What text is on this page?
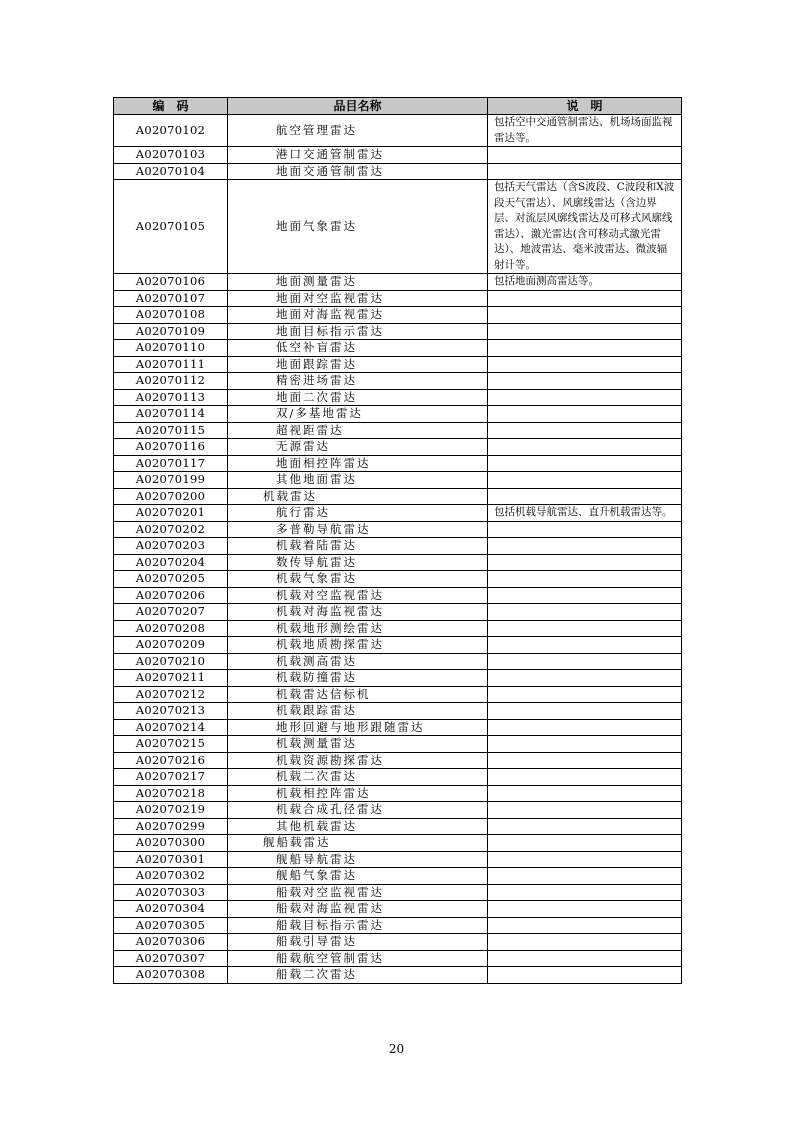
编　码	品目名称	说　明
A02070102	航空管理雷达	包括空中交通管制雷达、机场场面监视雷达等。
A02070103	港口交通管制雷达	
A02070104	地面交通管制雷达	
A02070105	地面气象雷达	包括天气雷达（含S波段、C波段和X波段天气雷达）、风廓线雷达（含边界层、对流层风廓线雷达及可移式风廓线雷达）、激光雷达(含可移动式激光雷达）、地波雷达、毫米波雷达、微波辐射计等。
A02070106	地面测量雷达	包括地面测高雷达等。
A02070107	地面对空监视雷达	
A02070108	地面对海监视雷达	
A02070109	地面目标指示雷达	
A02070110	低空补盲雷达	
A02070111	地面跟踪雷达	
A02070112	精密进场雷达	
A02070113	地面二次雷达	
A02070114	双/多基地雷达	
A02070115	超视距雷达	
A02070116	无源雷达	
A02070117	地面相控阵雷达	
A02070199	其他地面雷达	
A02070200	机载雷达	
A02070201	航行雷达	包括机载导航雷达、直升机载雷达等。
A02070202	多普勒导航雷达	
A02070203	机载着陆雷达	
A02070204	数传导航雷达	
A02070205	机载气象雷达	
A02070206	机载对空监视雷达	
A02070207	机载对海监视雷达	
A02070208	机载地形测绘雷达	
A02070209	机载地质勘探雷达	
A02070210	机载测高雷达	
A02070211	机载防撞雷达	
A02070212	机载雷达信标机	
A02070213	机载跟踪雷达	
A02070214	地形回避与地形跟随雷达	
A02070215	机载测量雷达	
A02070216	机载资源勘探雷达	
A02070217	机载二次雷达	
A02070218	机载相控阵雷达	
A02070219	机载合成孔径雷达	
A02070299	其他机载雷达	
A02070300	舰船载雷达	
A02070301	舰船导航雷达	
A02070302	舰船气象雷达	
A02070303	船载对空监视雷达	
A02070304	船载对海监视雷达	
A02070305	船载目标指示雷达	
A02070306	船载引导雷达	
A02070307	船载航空管制雷达	
A02070308	船载二次雷达	
20
